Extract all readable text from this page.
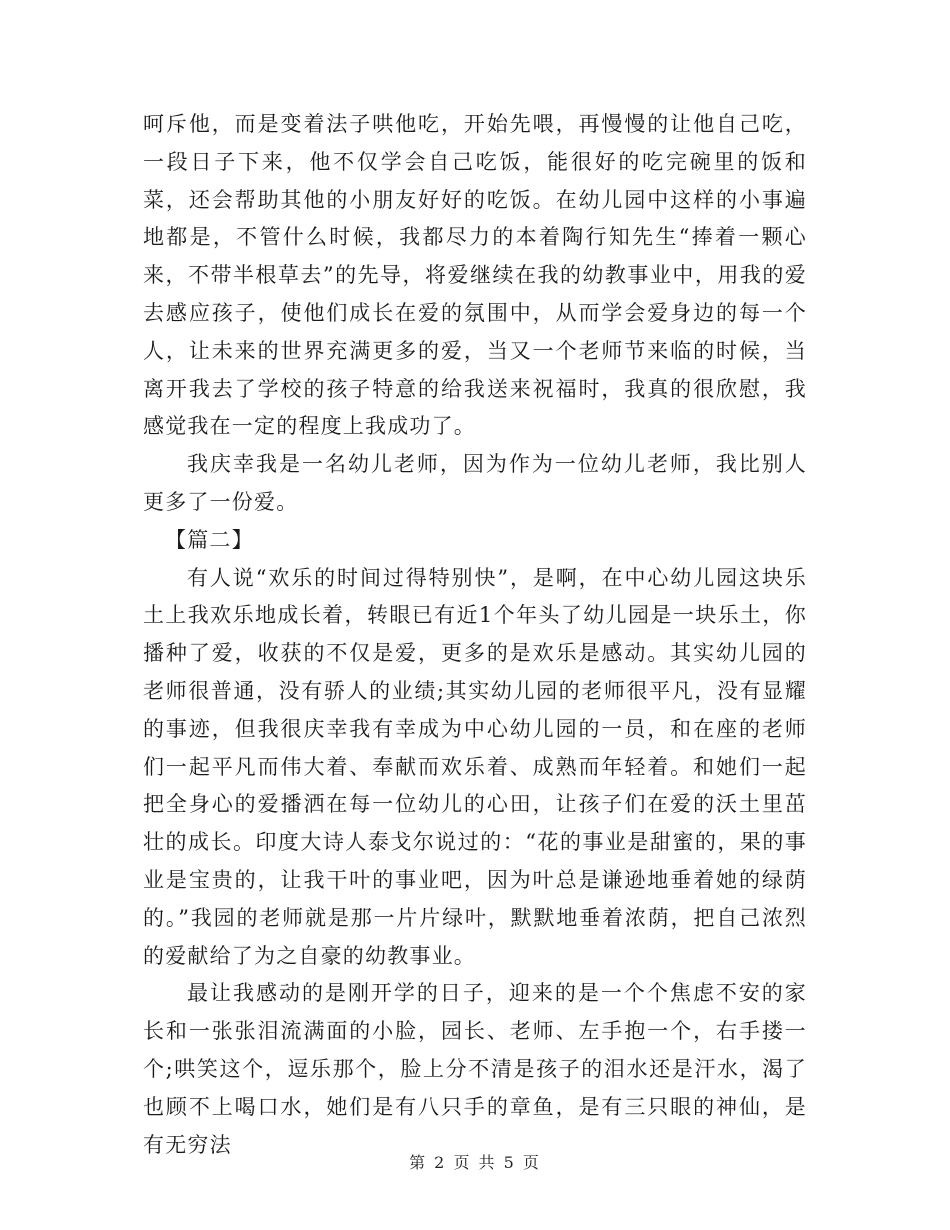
呵斥他，而是变着法子哄他吃，开始先喂，再慢慢的让他自己吃，一段日子下来，他不仅学会自己吃饭，能很好的吃完碗里的饭和菜，还会帮助其他的小朋友好好的吃饭。在幼儿园中这样的小事遍地都是，不管什么时候，我都尽力的本着陶行知先生“捧着一颗心来，不带半根草去”的先导，将爱继续在我的幼教事业中，用我的爱去感应孩子，使他们成长在爱的氛围中，从而学会爱身边的每一个人，让未来的世界充满更多的爱，当又一个老师节来临的时候，当离开我去了学校的孩子特意的给我送来祝福时，我真的很欣慰，我感觉我在一定的程度上我成功了。

我庆幸我是一名幼儿老师，因为作为一位幼儿老师，我比别人更多了一份爱。

【篇二】

有人说“欢乐的时间过得特别快”，是啊，在中心幼儿园这块乐土上我欢乐地成长着，转眼已有近1个年头了幼儿园是一块乐土，你播种了爱，收获的不仅是爱，更多的是欢乐是感动。其实幼儿园的老师很普通，没有骄人的业绩;其实幼儿园的老师很平凡，没有显耀的事迹，但我很庆幸我有幸成为中心幼儿园的一员，和在座的老师们一起平凡而伟大着、奉献而欢乐着、成熟而年轻着。和她们一起把全身心的爱播洒在每一位幼儿的心田，让孩子们在爱的沃土里茁壮的成长。印度大诗人泰戈尔说过的：“花的事业是甜蜜的，果的事业是宝贵的，让我干叶的事业吧，因为叶总是谦逊地垂着她的绿荫的。”我园的老师就是那一片片绿叶，默默地垂着浓荫，把自己浓烈的爱献给了为之自豪的幼教事业。

最让我感动的是刚开学的日子，迎来的是一个个焦虑不安的家长和一张张泪流满面的小脸，园长、老师、左手抱一个，右手搂一个;哄笑这个，逗乐那个，脸上分不清是孩子的泪水还是汗水，渴了也顾不上喝口水，她们是有八只手的章鱼，是有三只眼的神仙，是有无穷法

第 2 页 共 5 页
